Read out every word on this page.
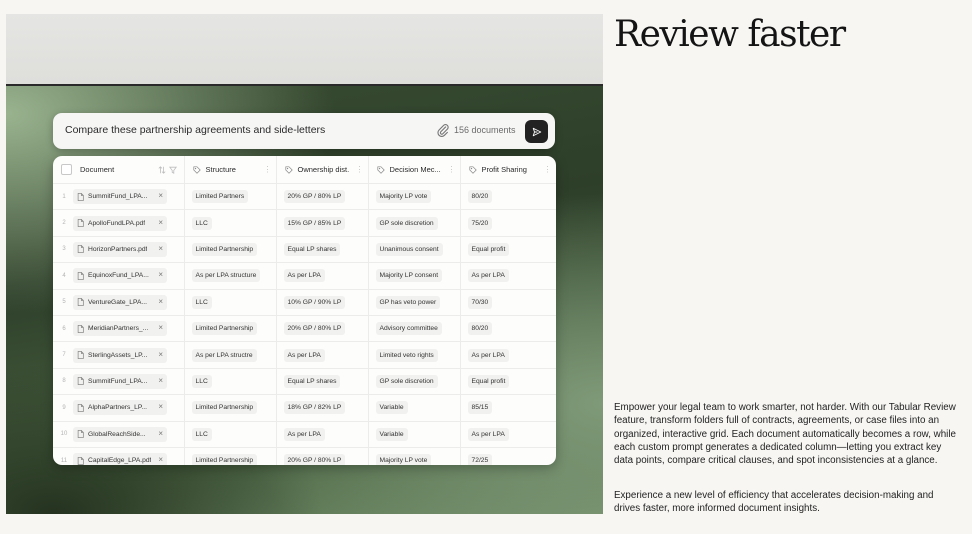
Compare these partnership agreements and side-letters	156 documents
Document	Structure ⋮	Ownership dist. ⋮	Decision Mec... ⋮	Profit Sharing ⋮

1 SummitFund_LPA... ×	Limited Partners	20% GP / 80% LP	Majority LP vote	80/20

2 ApolloFundLPA.pdf ×	LLC	15% GP / 85% LP	GP sole discretion	75/20

3 HorizonPartners.pdf ×	Limited Partnership	Equal LP shares	Unanimous consent	Equal profit

4 EquinoxFund_LPA... ×	As per LPA structure	As per LPA	Majority LP consent	As per LPA

5 VentureGate_LPA... ×	LLC	10% GP / 90% LP	GP has veto power	70/30

6 MeridianPartners_... ×	Limited Partnership	20% GP / 80% LP	Advisory committee	80/20

7 SterlingAssets_LP... ×	As per LPA structre	As per LPA	Limited veto rights	As per LPA

8 SummitFund_LPA... ×	LLC	Equal LP shares	GP sole discretion	Equal profit

9 AlphaPartners_LP... ×	Limited Partnership	18% GP / 82% LP	Variable	85/15

10 GlobalReachSide... ×	LLC	As per LPA	Variable	As per LPA

11 CapitalEdge_LPA.pdf ×	Limited Partnership	20% GP / 80% LP	Majority LP vote	72/25
Review faster
Empower your legal team to work smarter, not harder. With our Tabular Review feature, transform folders full of contracts, agreements, or case files into an organized, interactive grid. Each document automatically becomes a row, while each custom prompt generates a dedicated column—letting you extract key data points, compare critical clauses, and spot inconsistencies at a glance.
Experience a new level of efficiency that accelerates decision-making and drives faster, more informed document insights.
